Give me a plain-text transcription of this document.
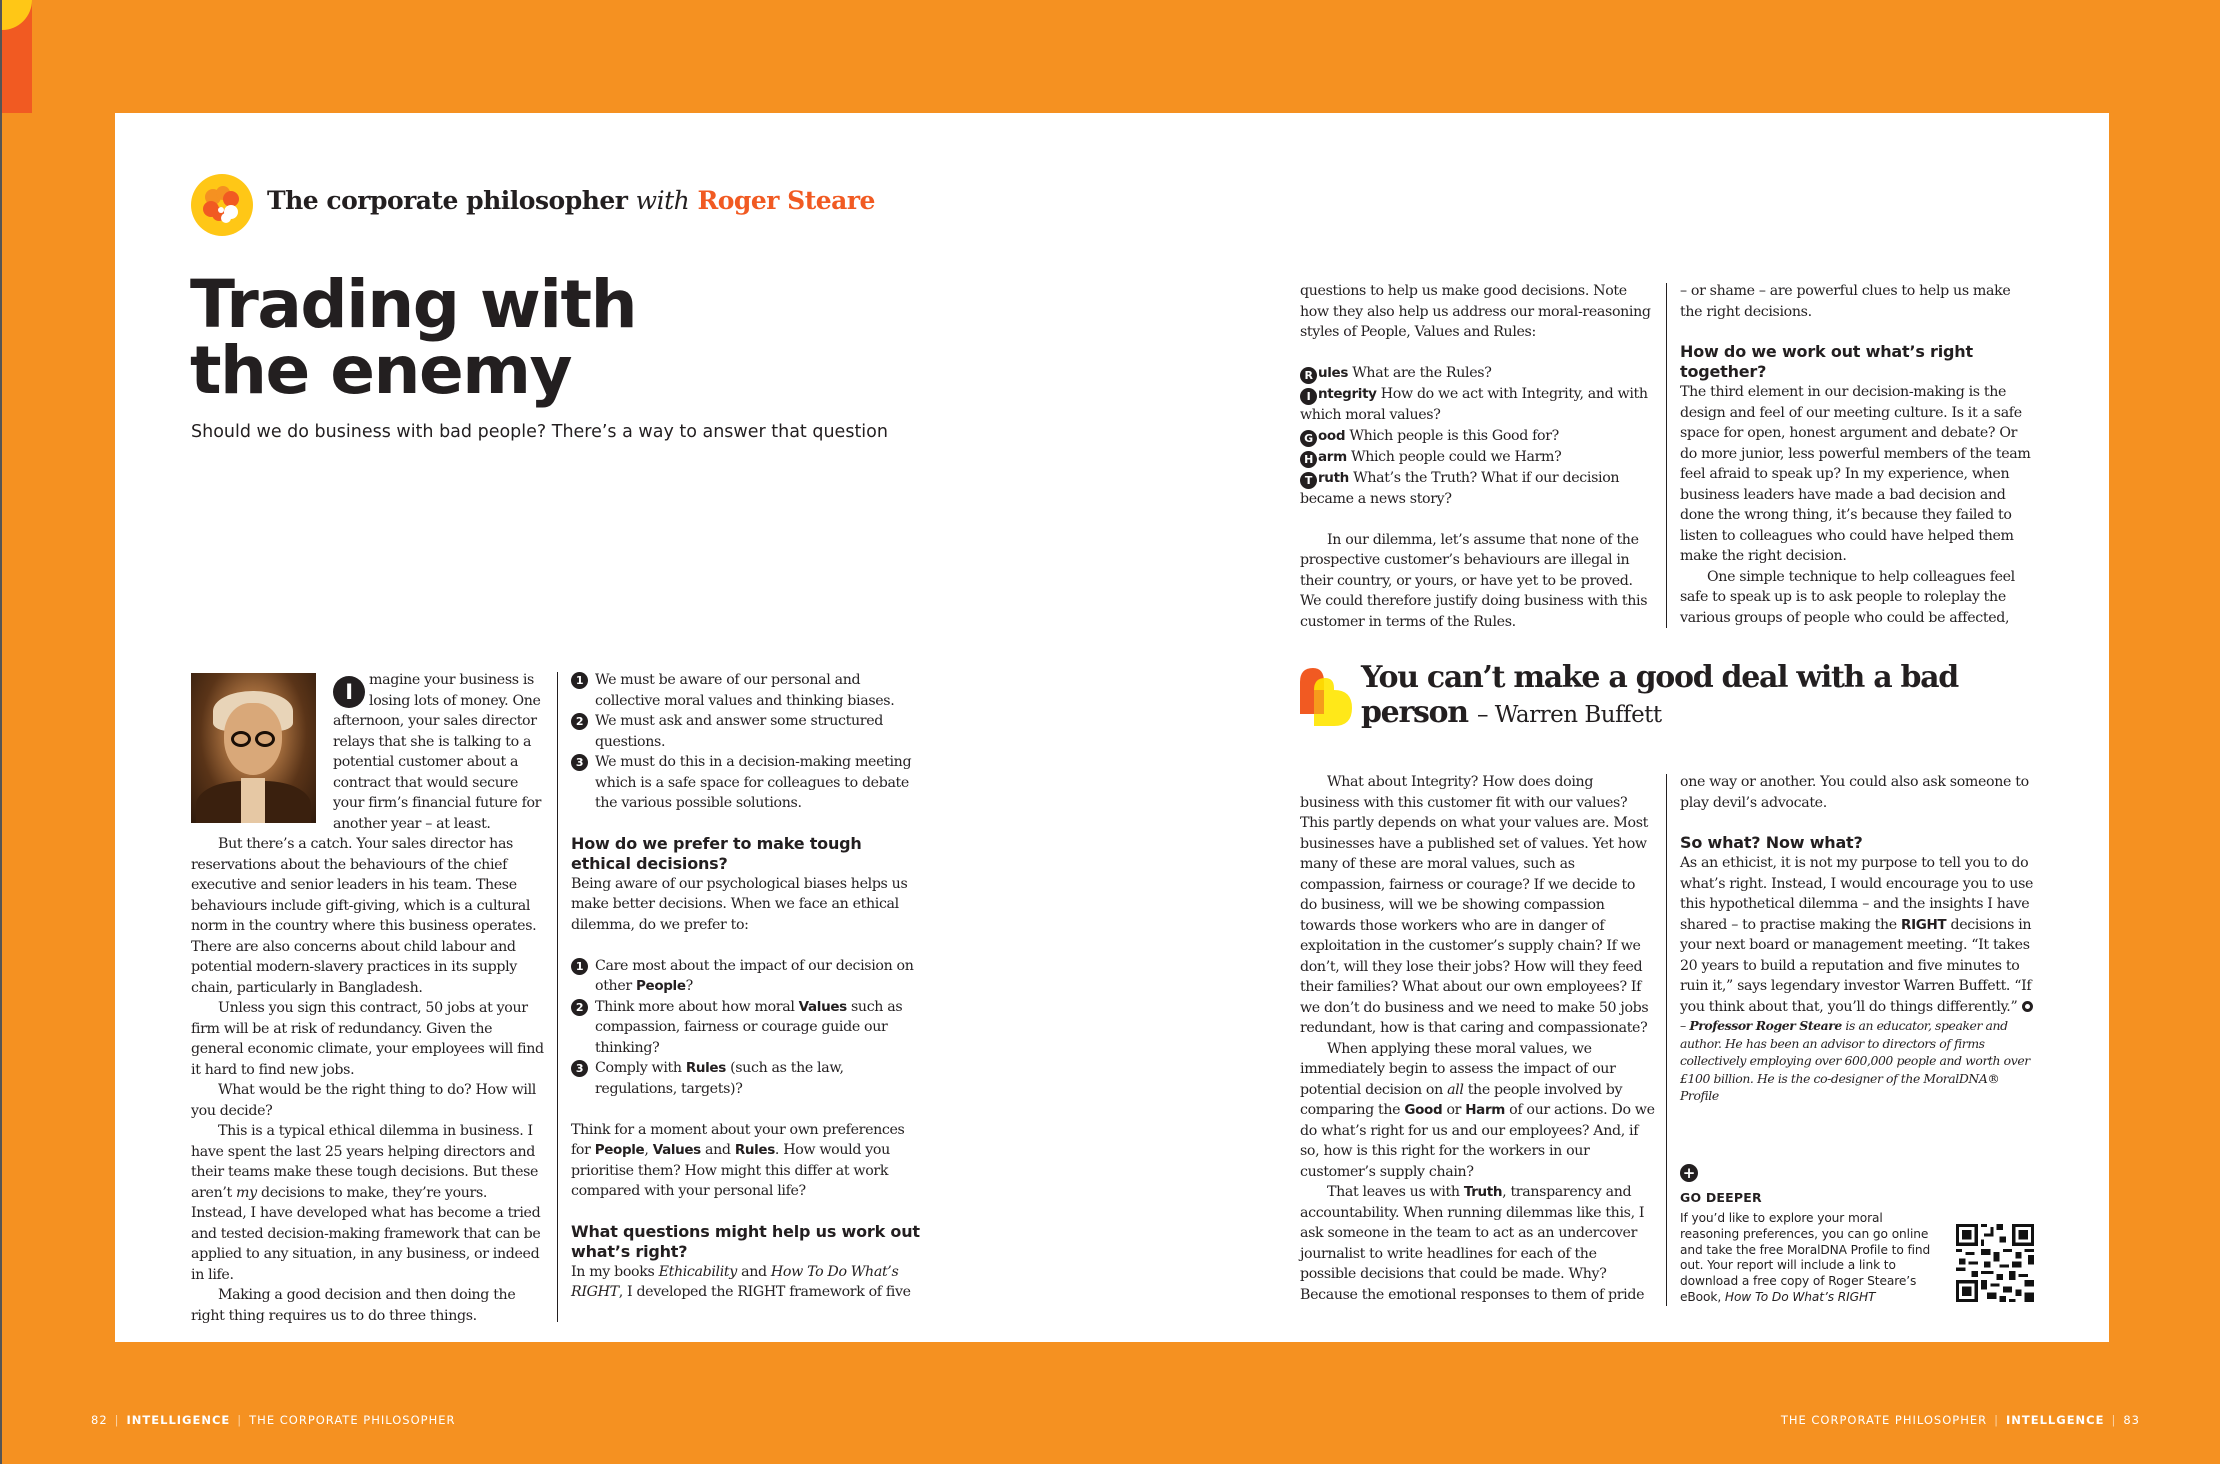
The corporate philosopher with Roger Steare
Trading with
the enemy
Should we do business with bad people? There’s a way to answer that question

I	magine your business is losing lots of money. One afternoon, your sales director relays that she is talking to a potential customer about a contract that would secure your firm’s financial future for another year – at least.

But there’s a catch. Your sales director has reservations about the behaviours of the chief executive and senior leaders in his team. These behaviours include gift-giving, which is a cultural norm in the country where this business operates. There are also concerns about child labour and potential modern-slavery practices in its supply chain, particularly in Bangladesh.

Unless you sign this contract, 50 jobs at your firm will be at risk of redundancy. Given the general economic climate, your employees will find it hard to find new jobs.

What would be the right thing to do? How will you decide?

This is a typical ethical dilemma in business. I have spent the last 25 years helping directors and their teams make these tough decisions. But these aren’t my decisions to make, they’re yours. Instead, I have developed what has become a tried and tested decision-making framework that can be applied to any situation, in any business, or indeed in life.

Making a good decision and then doing the right thing requires us to do three things.

1 We must be aware of our personal and collective moral values and thinking biases.
2 We must ask and answer some structured questions.
3 We must do this in a decision-making meeting which is a safe space for colleagues to debate the various possible solutions.
How do we prefer to make tough ethical decisions?

Being aware of our psychological biases helps us make better decisions. When we face an ethical dilemma, do we prefer to:

1 Care most about the impact of our decision on other People?
2 Think more about how moral Values such as compassion, fairness or courage guide our thinking?
3 Comply with Rules (such as the law, regulations, targets)?

Think for a moment about your own preferences for People, Values and Rules. How would you prioritise them? How might this differ at work compared with your personal life?

What questions might help us work out what’s right?

In my books Ethicability and How To Do What’s RIGHT, I developed the RIGHT framework of five

questions to help us make good decisions. Note how they also help us address our moral-reasoning styles of People, Values and Rules:

R ules What are the Rules?

I ntegrity How do we act with Integrity, and with which moral values?

G ood Which people is this Good for?

H arm Which people could we Harm?

T ruth What’s the Truth? What if our decision became a news story?

In our dilemma, let’s assume that none of the prospective customer’s behaviours are illegal in their country, or yours, or have yet to be proved. We could therefore justify doing business with this customer in terms of the Rules.

– or shame – are powerful clues to help us make the right decisions.

How do we work out what’s right together?

The third element in our decision-making is the design and feel of our meeting culture. Is it a safe space for open, honest argument and debate? Or do more junior, less powerful members of the team feel afraid to speak up? In my experience, when business leaders have made a bad decision and done the wrong thing, it’s because they failed to listen to colleagues who could have helped them make the right decision.

One simple technique to help colleagues feel safe to speak up is to ask people to roleplay the various groups of people who could be affected,

You can’t make a good deal with a bad person – Warren Buffett

What about Integrity? How does doing business with this customer fit with our values? This partly depends on what your values are. Most businesses have a published set of values. Yet how many of these are moral values, such as compassion, fairness or courage? If we decide to do business, will we be showing compassion towards those workers who are in danger of exploitation in the customer’s supply chain? If we don’t, will they lose their jobs? How will they feed their families? What about our own employees? If we don’t do business and we need to make 50 jobs redundant, how is that caring and compassionate?

When applying these moral values, we immediately begin to assess the impact of our potential decision on all the people involved by comparing the Good or Harm of our actions. Do we do what’s right for us and our employees? And, if so, how is this right for the workers in our customer’s supply chain?

That leaves us with Truth, transparency and accountability. When running dilemmas like this, I ask someone in the team to act as an undercover journalist to write headlines for each of the possible decisions that could be made. Why? Because the emotional responses to them of pride

one way or another. You could also ask someone to play devil’s advocate.

So what? Now what?

As an ethicist, it is not my purpose to tell you to do what’s right. Instead, I would encourage you to use this hypothetical dilemma – and the insights I have shared – to practise making the RIGHT decisions in your next board or management meeting. “It takes 20 years to build a reputation and five minutes to ruin it,” says legendary investor Warren Buffett. “If you think about that, you’ll do things differently.”

– Professor Roger Steare is an educator, speaker and author. He has been an advisor to directors of firms collectively employing over 600,000 people and worth over £100 billion. He is the co-designer of the MoralDNA® Profile

+
GO DEEPER
If you’d like to explore your moral reasoning preferences, you can go online and take the free MoralDNA Profile to find out. Your report will include a link to download a free copy of Roger Steare’s eBook, How To Do What’s RIGHT
82 | INTELLIGENCE | THE CORPORATE PHILOSOPHER	THE CORPORATE PHILOSOPHER | INTELLGENCE | 83
